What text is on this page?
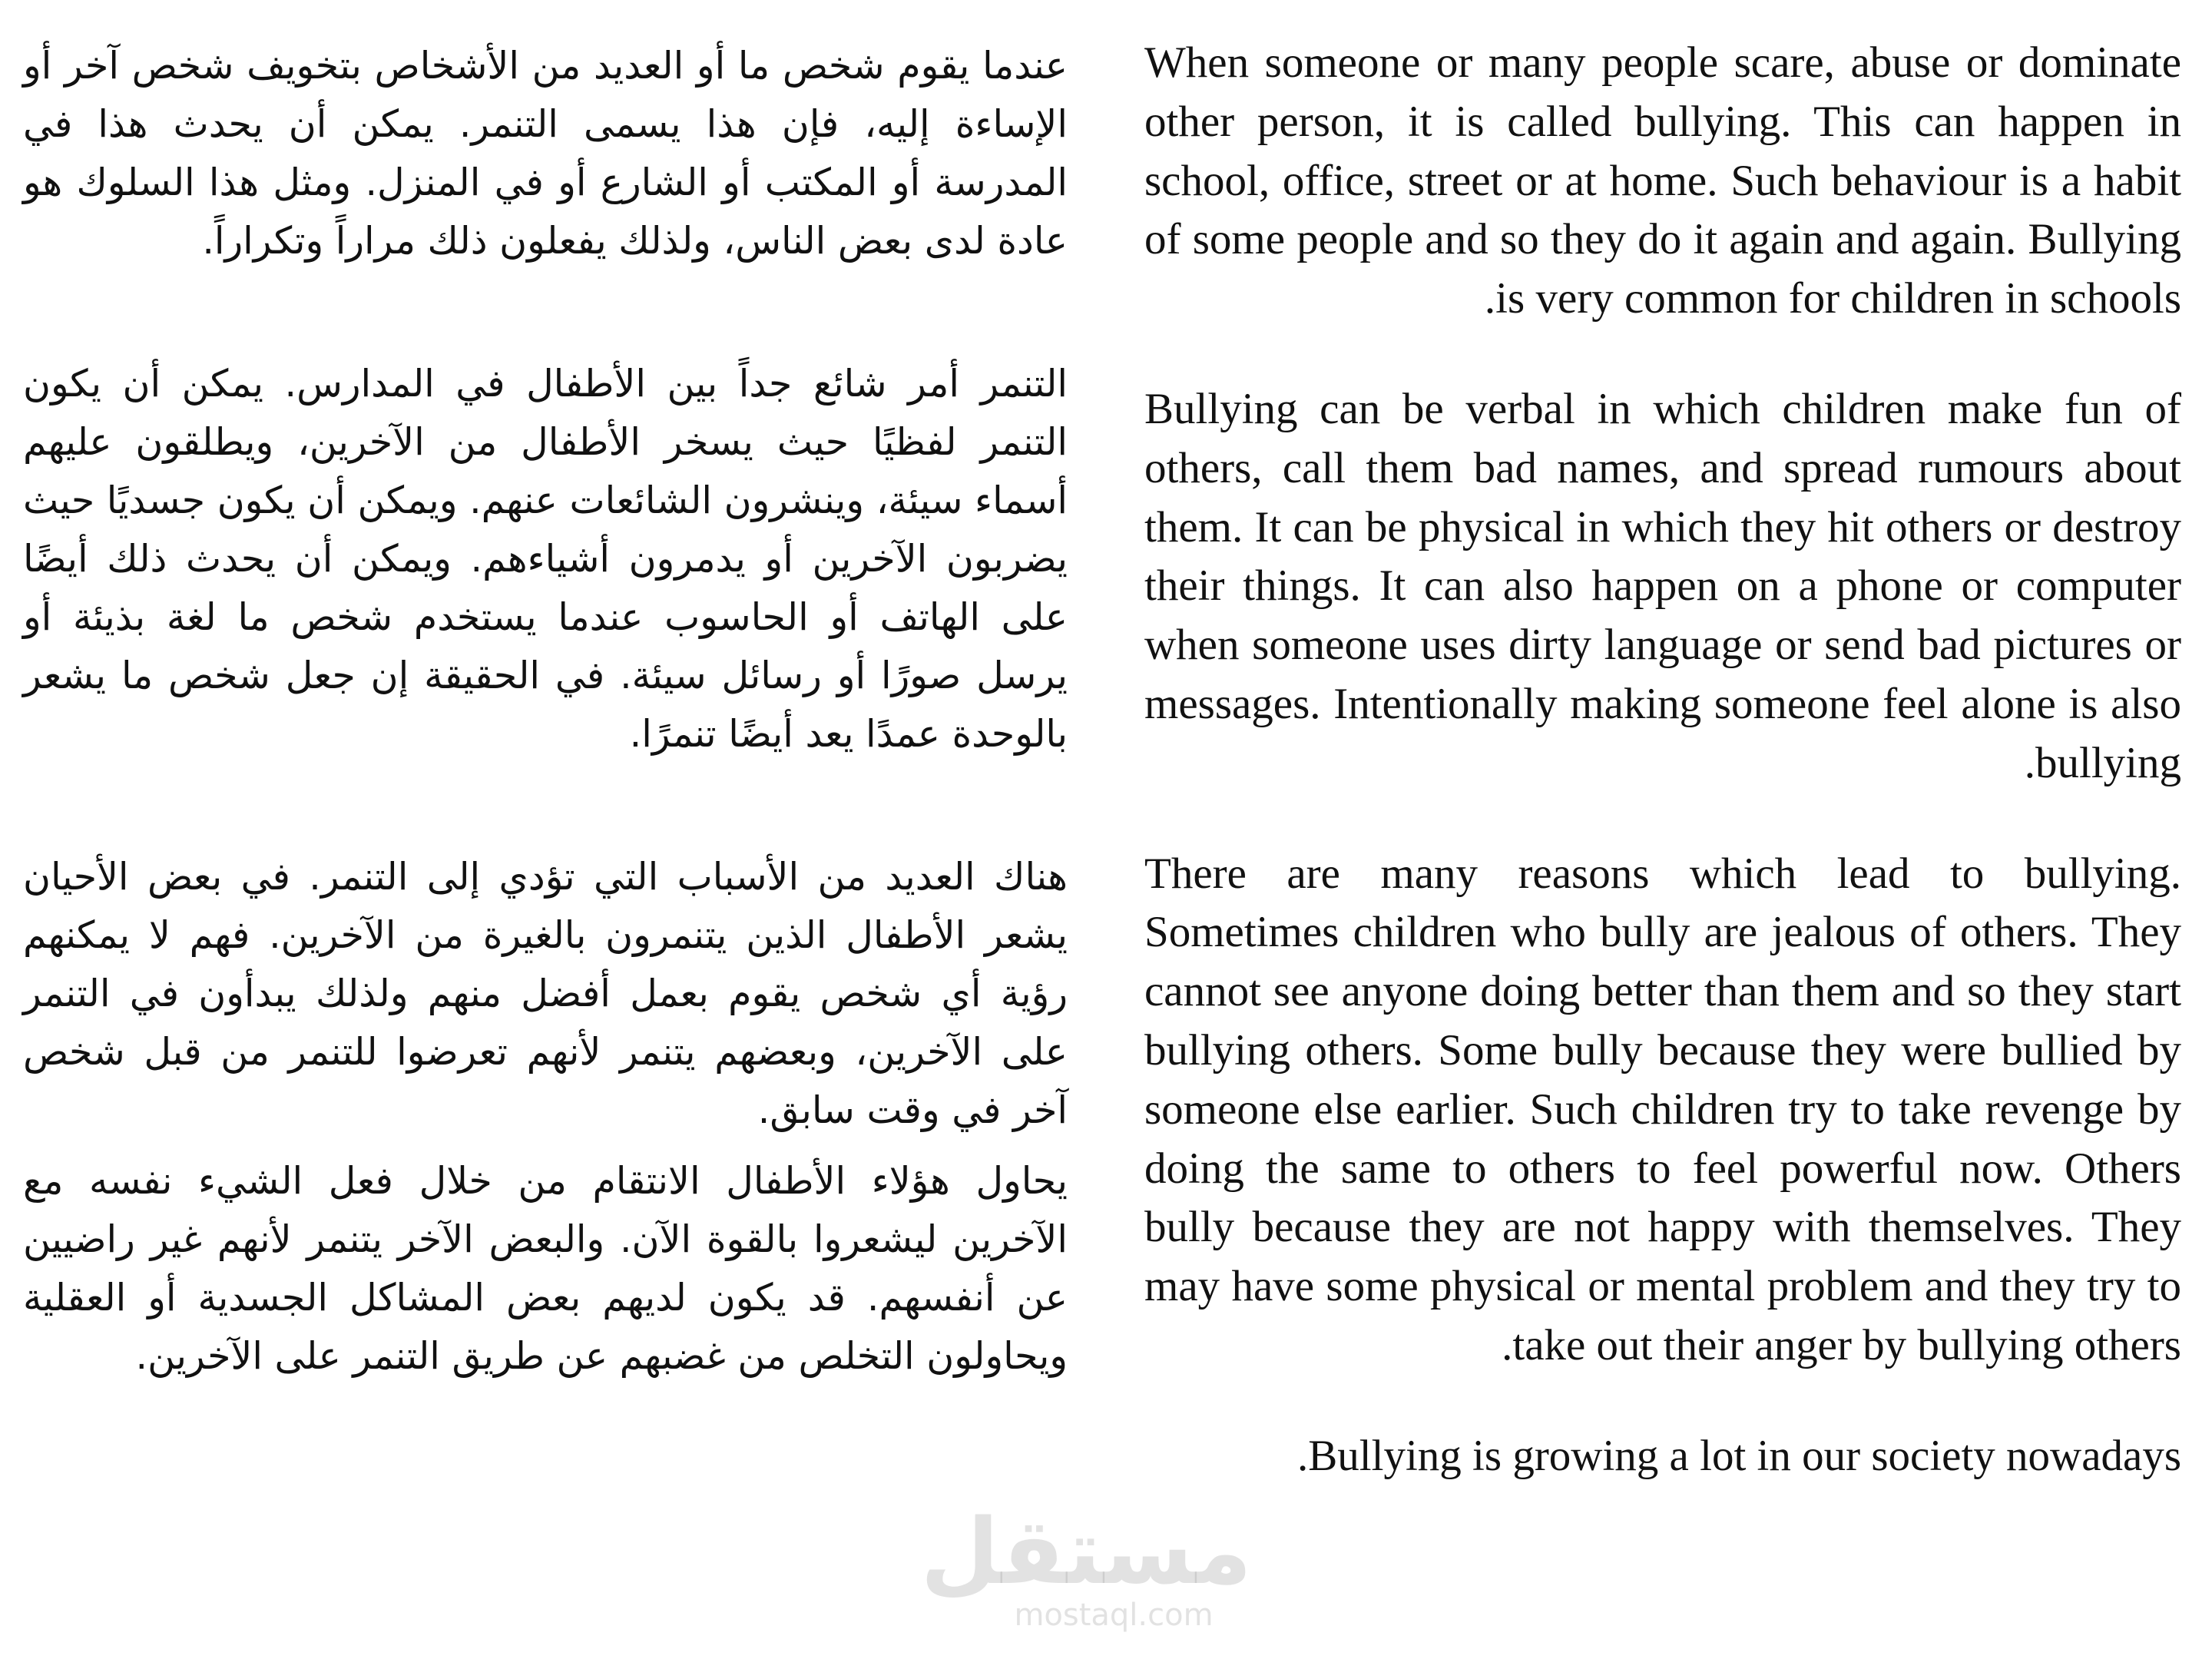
When someone or many people scare, abuse or dominate other person, it is called bullying. This can happen in school, office, street or at home. Such behaviour is a habit of some people and so they do it again and again. Bullying is very common for children in schools.

Bullying can be verbal in which children make fun of others, call them bad names, and spread rumours about them. It can be physical in which they hit others or destroy their things. It can also happen on a phone or computer when someone uses dirty language or send bad pictures or messages. Intentionally making someone feel alone is also bullying.

There are many reasons which lead to bullying. Sometimes children who bully are jealous of others. They cannot see anyone doing better than them and so they start bullying others. Some bully because they were bullied by someone else earlier. Such children try to take revenge by doing the same to others to feel powerful now. Others bully because they are not happy with themselves. They may have some physical or mental problem and they try to take out their anger by bullying others.

Bullying is growing a lot in our society nowadays.

عندما يقوم شخص ما أو العديد من الأشخاص بتخويف شخص آخر أو الإساءة إليه، فإن هذا يسمى التنمر. يمكن أن يحدث هذا في المدرسة أو المكتب أو الشارع أو في المنزل. ومثل هذا السلوك هو عادة لدى بعض الناس، ولذلك يفعلون ذلك مراراً وتكراراً.

التنمر أمر شائع جداً بين الأطفال في المدارس. يمكن أن يكون التنمر لفظيًا حيث يسخر الأطفال من الآخرين، ويطلقون عليهم أسماء سيئة، وينشرون الشائعات عنهم. ويمكن أن يكون جسديًا حيث يضربون الآخرين أو يدمرون أشياءهم. ويمكن أن يحدث ذلك أيضًا على الهاتف أو الحاسوب عندما يستخدم شخص ما لغة بذيئة أو يرسل صورًا أو رسائل سيئة. في الحقيقة إن جعل شخص ما يشعر بالوحدة عمدًا يعد أيضًا تنمرًا.

هناك العديد من الأسباب التي تؤدي إلى التنمر. في بعض الأحيان يشعر الأطفال الذين يتنمرون بالغيرة من الآخرين. فهم لا يمكنهم رؤية أي شخص يقوم بعمل أفضل منهم ولذلك يبدأون في التنمر على الآخرين، وبعضهم يتنمر لأنهم تعرضوا للتنمر من قبل شخص آخر في وقت سابق.

يحاول هؤلاء الأطفال الانتقام من خلال فعل الشيء نفسه مع الآخرين ليشعروا بالقوة الآن. والبعض الآخر يتنمر لأنهم غير راضيين عن أنفسهم. قد يكون لديهم بعض المشاكل الجسدية أو العقلية ويحاولون التخلص من غضبهم عن طريق التنمر على الآخرين.

مستقل
mostaql.com
